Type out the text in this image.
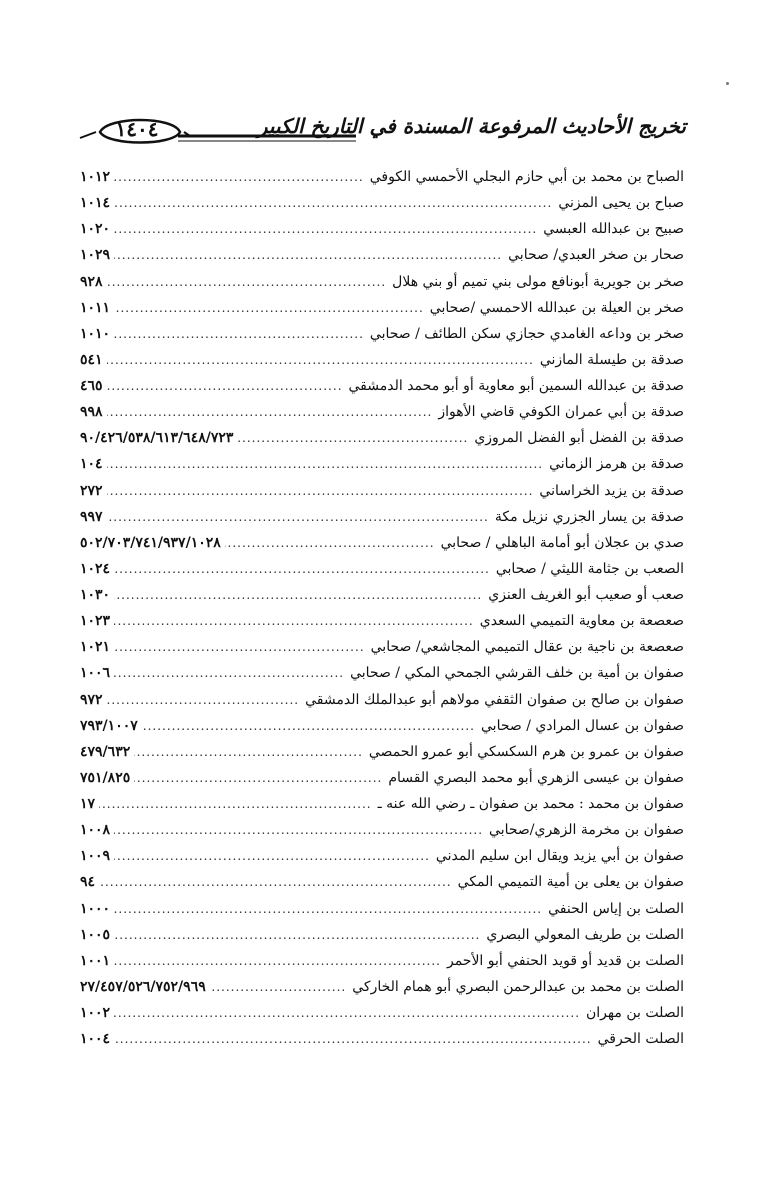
تخريج الأحاديث المرفوعة المسندة في التاريخ الكبير
١٤٠٤
الصباح بن محمد بن أبي حازم البجلي الأحمسي الكوفي
.....
١٠١٢
صباح بن يحيى المزني
.....
١٠١٤
صبيح بن عبدالله العبسي
.....
١٠٢٠
صحار بن صخر العبدي/ صحابي
.....
١٠٢٩
صخر بن جويرية أبونافع مولى بني تميم أو بني هلال
.....
٩٢٨
صخر بن العيلة بن عبدالله الاحمسي /صحابي
.....
١٠١١
صخر بن وداعه الغامدي حجازي سكن الطائف / صحابي
.....
١٠١٠
صدقة بن طيسلة المازني
.....
٥٤١
صدقة بن عبدالله السمين أبو معاوية أو أبو محمد الدمشقي
.....
٤٦٥
صدقة بن أبي عمران الكوفي قاضي الأهواز
.....
٩٩٨
صدقة بن الفضل أبو الفضل المروزي
.....
٩٠/٤٢٦/٥٣٨/٦١٣/٦٤٨/٧٢٣
صدقة بن هرمز الزماني
.....
١٠٤
صدقة بن يزيد الخراساني
.....
٢٧٢
صدقة بن يسار الجزري نزيل مكة
.....
٩٩٧
صدي بن عجلان أبو أمامة الباهلي / صحابي
.....
٥٠٢/٧٠٣/٧٤١/٩٣٧/١٠٢٨
الصعب بن جثامة الليثي / صحابي
.....
١٠٢٤
صعب أو صعيب أبو الغريف العنزي
.....
١٠٣٠
صعصعة بن معاوية التميمي السعدي
.....
١٠٢٣
صعصعة بن ناجية بن عقال التميمي المجاشعي/ صحابي
.....
١٠٢١
صفوان بن أمية بن خلف القرشي الجمحي المكي / صحابي
.....
١٠٠٦
صفوان بن صالح بن صفوان الثقفي مولاهم أبو عبدالملك الدمشقي
.....
٩٧٢
صفوان بن عسال المرادي / صحابي
.....
٧٩٣/١٠٠٧
صفوان بن عمرو بن هرم السكسكي أبو عمرو الحمصي
.....
٤٧٩/٦٣٢
صفوان بن عيسى الزهري أبو محمد البصري القسام
.....
٧٥١/٨٢٥
صفوان بن محمد : محمد بن صفوان ـ رضي الله عنه ـ
.....
١٧
صفوان بن مخرمة الزهري/صحابي
.....
١٠٠٨
صفوان بن أبي يزيد ويقال ابن سليم المدني
.....
١٠٠٩
صفوان بن يعلى بن أمية التميمي المكي
.....
٩٤
الصلت بن إياس الحنفي
.....
١٠٠٠
الصلت بن طريف المعولي البصري
.....
١٠٠٥
الصلت بن قديد أو قويد الحنفي أبو الأحمر
.....
١٠٠١
الصلت بن محمد بن عبدالرحمن البصري أبو همام الخاركي
.....
٢٧/٤٥٧/٥٢٦/٧٥٢/٩٦٩
الصلت بن مهران
.....
١٠٠٢
الصلت الحرقي
.....
١٠٠٤
